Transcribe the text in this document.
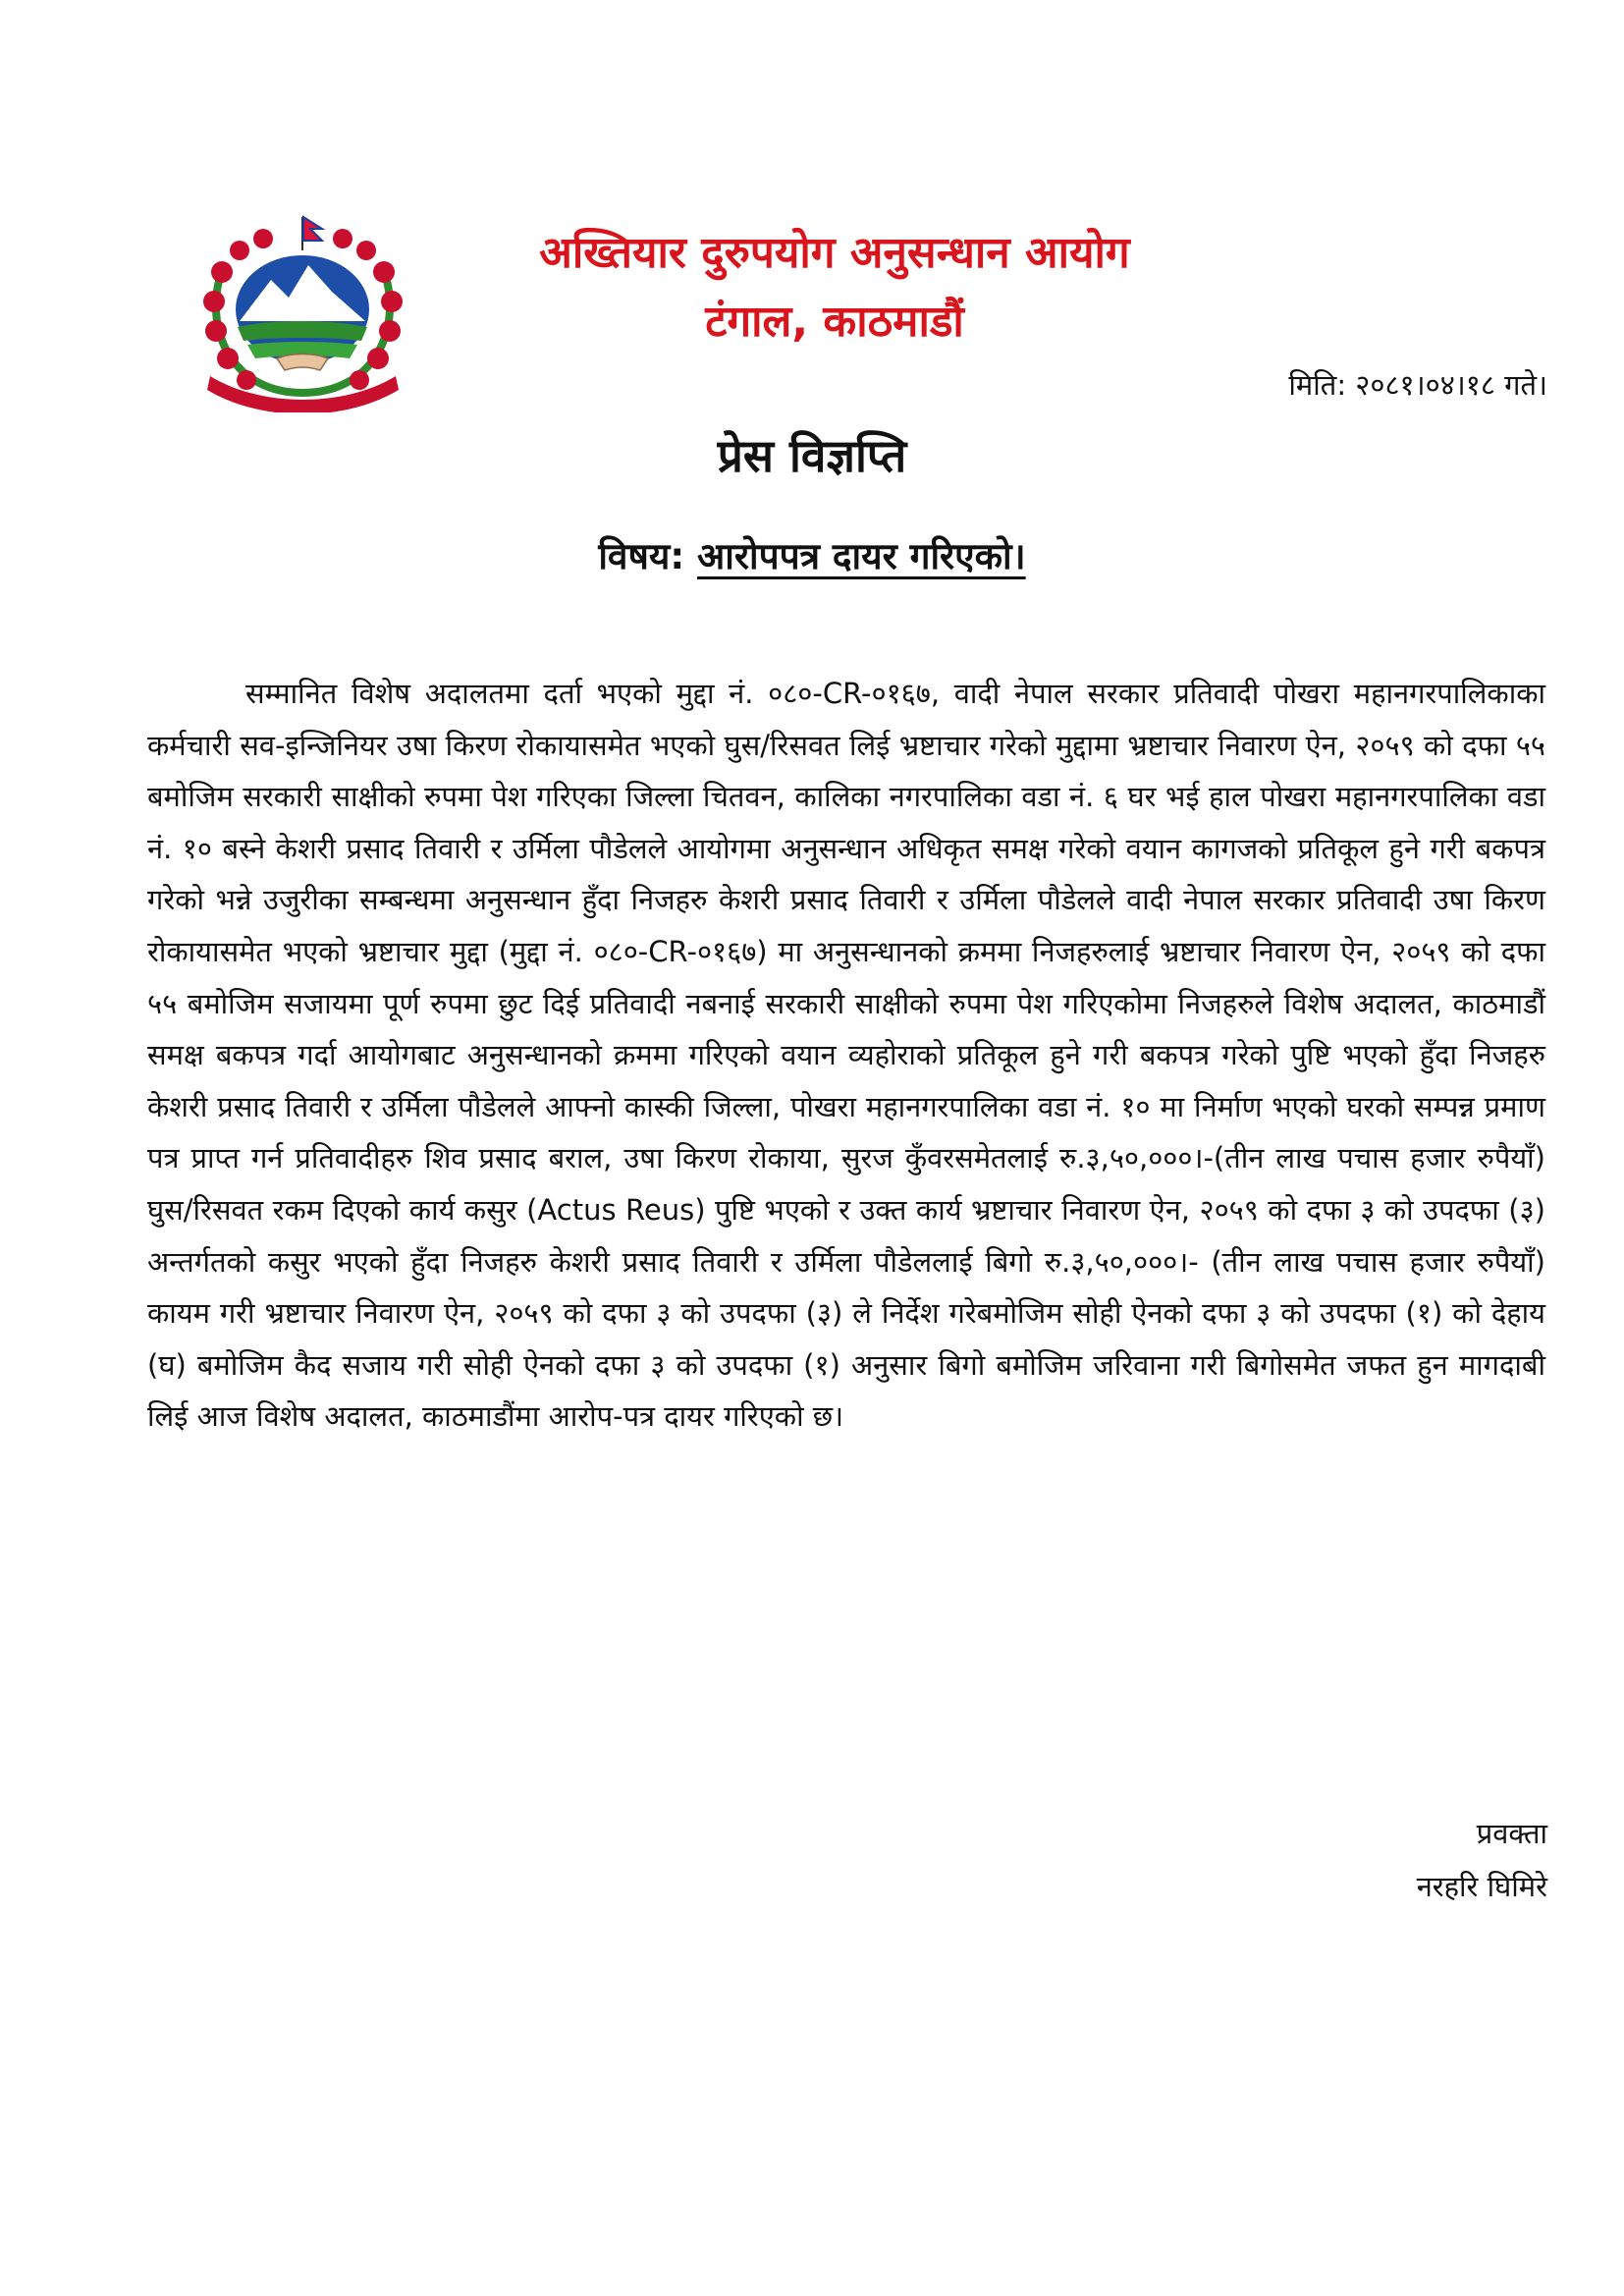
अख्तियार दुरुपयोग अनुसन्धान आयोग
टंगाल, काठमाडौं
मिति: २०८१।०४।१८ गते।
प्रेस विज्ञप्ति
विषय: आरोपपत्र दायर गरिएको।

सम्मानित विशेष अदालतमा दर्ता भएको मुद्दा नं. ०८०-CR-०१६७, वादी नेपाल सरकार प्रतिवादी पोखरा महानगरपालिकाका कर्मचारी सव-इन्जिनियर उषा किरण रोकायासमेत भएको घुस/रिसवत लिई भ्रष्टाचार गरेको मुद्दामा भ्रष्टाचार निवारण ऐन, २०५९ को दफा ५५ बमोजिम सरकारी साक्षीको रुपमा पेश गरिएका जिल्ला चितवन, कालिका नगरपालिका वडा नं. ६ घर भई हाल पोखरा महानगरपालिका वडा नं. १० बस्ने केशरी प्रसाद तिवारी र उर्मिला पौडेलले आयोगमा अनुसन्धान अधिकृत समक्ष गरेको वयान कागजको प्रतिकूल हुने गरी बकपत्र गरेको भन्ने उजुरीका सम्बन्धमा अनुसन्धान हुँदा निजहरु केशरी प्रसाद तिवारी र उर्मिला पौडेलले वादी नेपाल सरकार प्रतिवादी उषा किरण रोकायासमेत भएको भ्रष्टाचार मुद्दा (मुद्दा नं. ०८०-CR-०१६७) मा अनुसन्धानको क्रममा निजहरुलाई भ्रष्टाचार निवारण ऐन, २०५९ को दफा ५५ बमोजिम सजायमा पूर्ण रुपमा छुट दिई प्रतिवादी नबनाई सरकारी साक्षीको रुपमा पेश गरिएकोमा निजहरुले विशेष अदालत, काठमाडौं समक्ष बकपत्र गर्दा आयोगबाट अनुसन्धानको क्रममा गरिएको वयान व्यहोराको प्रतिकूल हुने गरी बकपत्र गरेको पुष्टि भएको हुँदा निजहरु केशरी प्रसाद तिवारी र उर्मिला पौडेलले आफ्नो कास्की जिल्ला, पोखरा महानगरपालिका वडा नं. १० मा निर्माण भएको घरको सम्पन्न प्रमाण पत्र प्राप्त गर्न प्रतिवादीहरु शिव प्रसाद बराल, उषा किरण रोकाया, सुरज कुँवरसमेतलाई रु.३,५०,०००।-(तीन लाख पचास हजार रुपैयाँ) घुस/रिसवत रकम दिएको कार्य कसुर (Actus Reus) पुष्टि भएको र उक्त कार्य भ्रष्टाचार निवारण ऐन, २०५९ को दफा ३ को उपदफा (३) अन्तर्गतको कसुर भएको हुँदा निजहरु केशरी प्रसाद तिवारी र उर्मिला पौडेललाई बिगो रु.३,५०,०००।- (तीन लाख पचास हजार रुपैयाँ) कायम गरी भ्रष्टाचार निवारण ऐन, २०५९ को दफा ३ को उपदफा (३) ले निर्देश गरेबमोजिम सोही ऐनको दफा ३ को उपदफा (१) को देहाय (घ) बमोजिम कैद सजाय गरी सोही ऐनको दफा ३ को उपदफा (१) अनुसार बिगो बमोजिम जरिवाना गरी बिगोसमेत जफत हुन मागदाबी लिई आज विशेष अदालत, काठमाडौंमा आरोप-पत्र दायर गरिएको छ।

प्रवक्ता
नरहरि घिमिरे
